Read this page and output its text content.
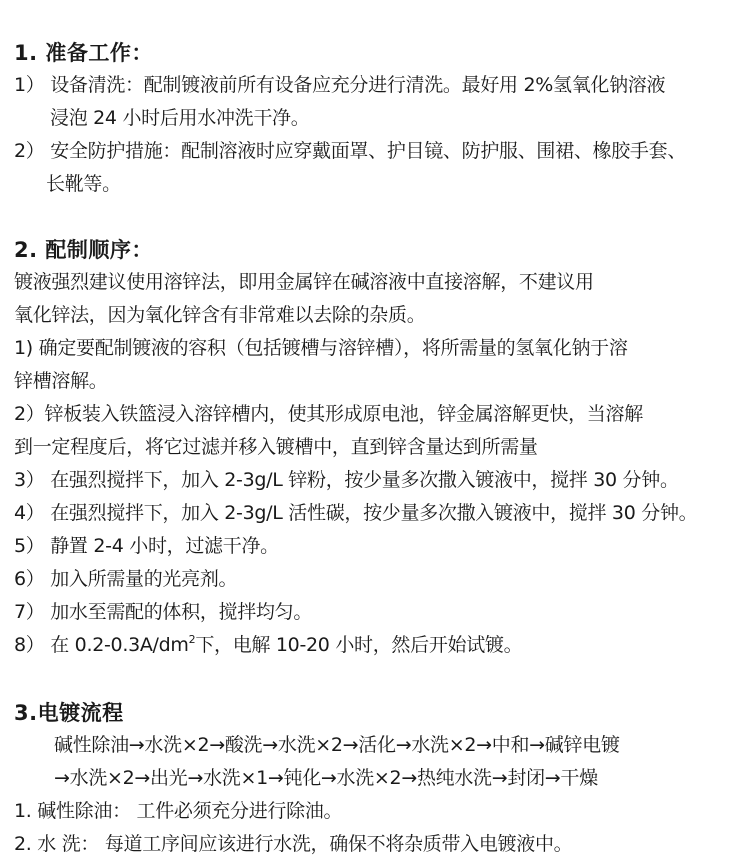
1. 准备工作：
1） 设备清洗：配制镀液前所有设备应充分进行清洗。最好用 2%氢氧化钠溶液
浸泡 24 小时后用水冲洗干净。
2） 安全防护措施：配制溶液时应穿戴面罩、护目镜、防护服、围裙、橡胶手套、
长靴等。
2. 配制顺序：
镀液强烈建议使用溶锌法，即用金属锌在碱溶液中直接溶解，不建议用
氧化锌法，因为氧化锌含有非常难以去除的杂质。
1) 确定要配制镀液的容积（包括镀槽与溶锌槽），将所需量的氢氧化钠于溶
锌槽溶解。
2）锌板装入铁篮浸入溶锌槽内，使其形成原电池，锌金属溶解更快，当溶解
到一定程度后，将它过滤并移入镀槽中，直到锌含量达到所需量
3） 在强烈搅拌下，加入 2-3g/L 锌粉，按少量多次撒入镀液中，搅拌 30 分钟。
4） 在强烈搅拌下，加入 2-3g/L 活性碳，按少量多次撒入镀液中，搅拌 30 分钟。
5） 静置 2-4 小时，过滤干净。
6） 加入所需量的光亮剂。
7） 加水至需配的体积，搅拌均匀。
8） 在 $0.2-0.3A/dm^2$下，电解 10-20 小时，然后开始试镀。
3.电镀流程
碱性除油→水洗×2→酸洗→水洗×2→活化→水洗×2→中和→碱锌电镀
→水洗×2→出光→水洗×1→钝化→水洗×2→热纯水洗→封闭→干燥
1. 碱性除油： 工件必须充分进行除油。
2. 水 洗： 每道工序间应该进行水洗，确保不将杂质带入电镀液中。
